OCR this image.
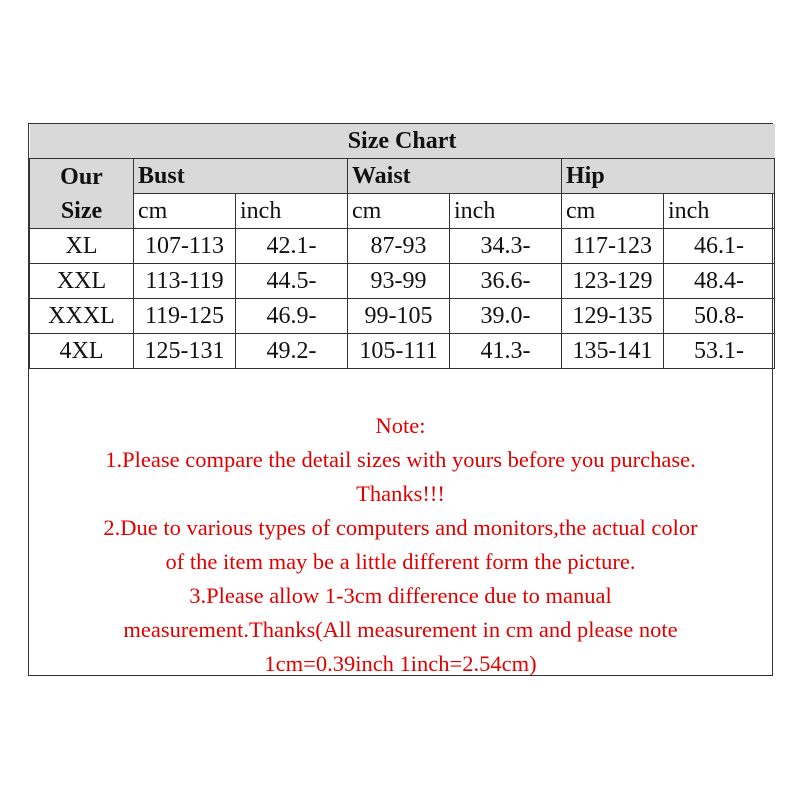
Size Chart						

Our
Size	Bust		Waist		Hip	
	cm	inch	cm	inch	cm	inch
XL	107-113	42.1-	87-93	34.3-	117-123	46.1-
XXL	113-119	44.5-	93-99	36.6-	123-129	48.4-
XXXL	119-125	46.9-	99-105	39.0-	129-135	50.8-
4XL	125-131	49.2-	105-111	41.3-	135-141	53.1-
Note:
1.Please compare the detail sizes with yours before you purchase.
Thanks!!!
2.Due to various types of computers and monitors,the actual color
of the item may be a little different form the picture.
3.Please allow 1-3cm difference due to manual
measurement.Thanks(All measurement in cm and please note
1cm=0.39inch 1inch=2.54cm)
